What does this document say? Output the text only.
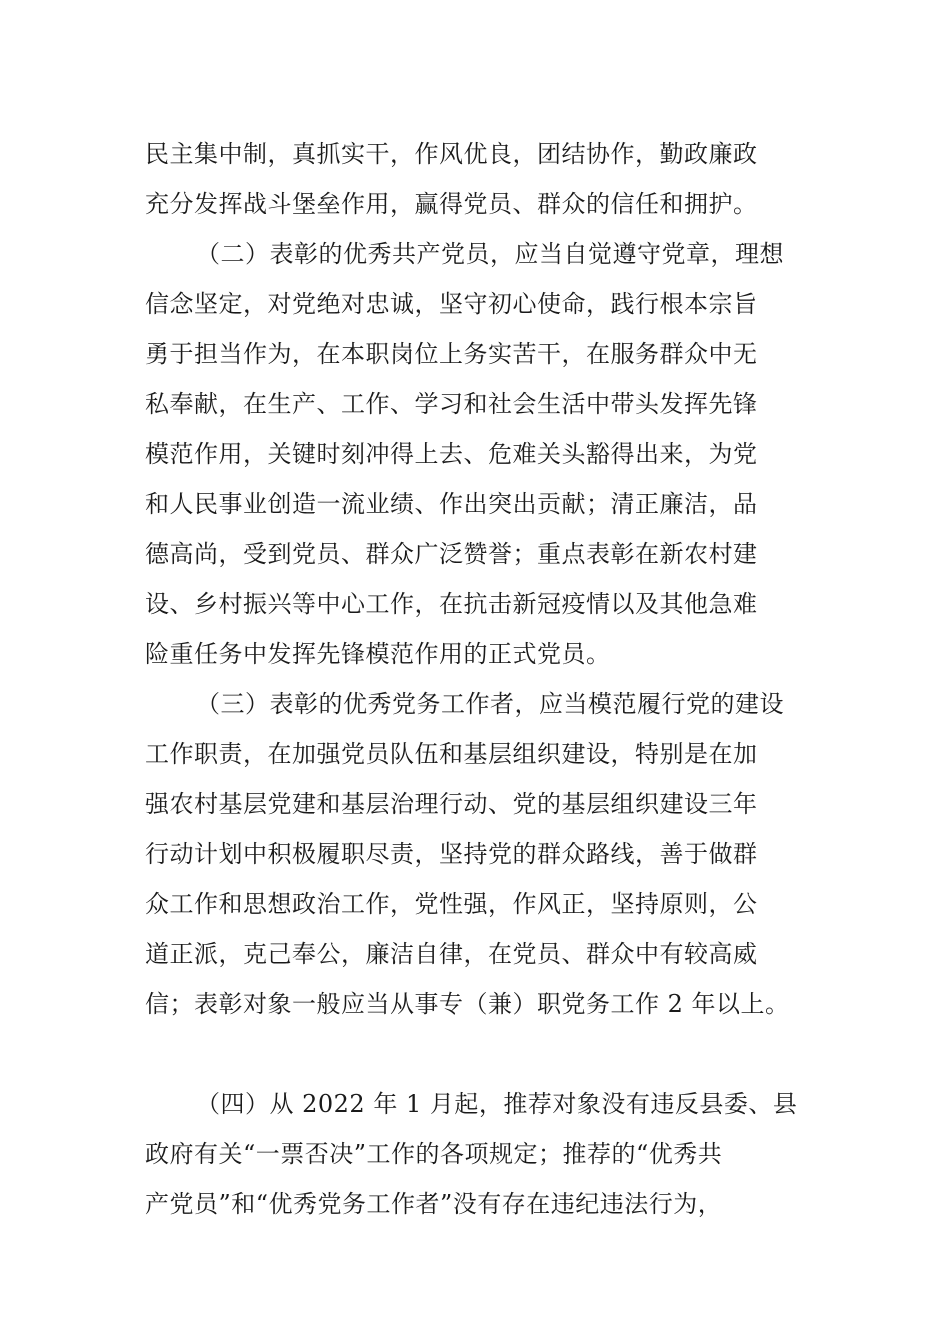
民主集中制，真抓实干，作风优良，团结协作，勤政廉政

充分发挥战斗堡垒作用，赢得党员、群众的信任和拥护。

（二）表彰的优秀共产党员，应当自觉遵守党章，理想

信念坚定，对党绝对忠诚，坚守初心使命，践行根本宗旨

勇于担当作为，在本职岗位上务实苦干，在服务群众中无

私奉献，在生产、工作、学习和社会生活中带头发挥先锋

模范作用，关键时刻冲得上去、危难关头豁得出来，为党

和人民事业创造一流业绩、作出突出贡献；清正廉洁，品

德高尚，受到党员、群众广泛赞誉；重点表彰在新农村建

设、乡村振兴等中心工作，在抗击新冠疫情以及其他急难

险重任务中发挥先锋模范作用的正式党员。

（三）表彰的优秀党务工作者，应当模范履行党的建设

工作职责，在加强党员队伍和基层组织建设，特别是在加

强农村基层党建和基层治理行动、党的基层组织建设三年

行动计划中积极履职尽责，坚持党的群众路线，善于做群

众工作和思想政治工作，党性强，作风正，坚持原则，公

道正派，克己奉公，廉洁自律，在党员、群众中有较高威

信；表彰对象一般应当从事专（兼）职党务工作 2 年以上。

（四）从 2022 年 1 月起，推荐对象没有违反县委、县

政府有关“一票否决”工作的各项规定；推荐的“优秀共

产党员”和“优秀党务工作者”没有存在违纪违法行为，
